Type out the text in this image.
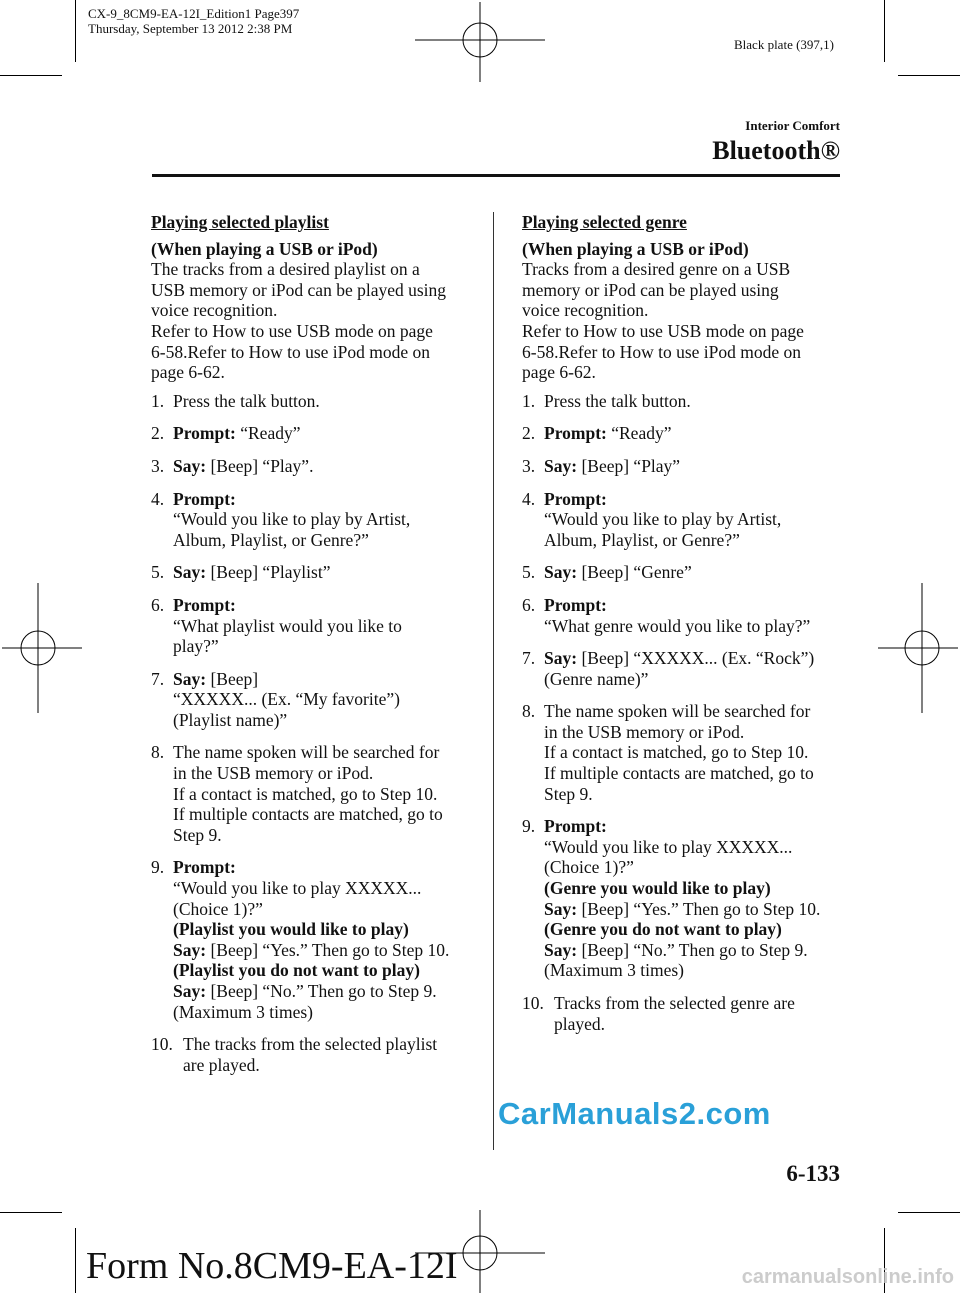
CX-9_8CM9-EA-12I_Edition1 Page397
Thursday, September 13 2012 2:38 PM
Black plate (397,1)
Interior Comfort
Bluetooth®

Playing selected playlist

(When playing a USB or iPod)

The tracks from a desired playlist on a

USB memory or iPod can be played using

voice recognition.

Refer to How to use USB mode on page

6-58.Refer to How to use iPod mode on

page 6-62.

1. Press the talk button.
2. Prompt: “Ready”
3. Say: [Beep] “Play”.
4. Prompt:
“Would you like to play by Artist,
Album, Playlist, or Genre?”
5. Say: [Beep] “Playlist”
6. Prompt:
“What playlist would you like to
play?”
7. Say: [Beep]
“XXXXX... (Ex. “My favorite”)
(Playlist name)”
8. The name spoken will be searched for
in the USB memory or iPod.
If a contact is matched, go to Step 10.
If multiple contacts are matched, go to
Step 9.
9. Prompt:
“Would you like to play XXXXX...
(Choice 1)?”
(Playlist you would like to play)
Say: [Beep] “Yes.” Then go to Step 10.
(Playlist you do not want to play)
Say: [Beep] “No.” Then go to Step 9.
(Maximum 3 times)
10. The tracks from the selected playlist
are played.

Playing selected genre

(When playing a USB or iPod)

Tracks from a desired genre on a USB

memory or iPod can be played using

voice recognition.

Refer to How to use USB mode on page

6-58.Refer to How to use iPod mode on

page 6-62.

1. Press the talk button.
2. Prompt: “Ready”
3. Say: [Beep] “Play”
4. Prompt:
“Would you like to play by Artist,
Album, Playlist, or Genre?”
5. Say: [Beep] “Genre”
6. Prompt:
“What genre would you like to play?”
7. Say: [Beep] “XXXXX... (Ex. “Rock”)
(Genre name)”
8. The name spoken will be searched for
in the USB memory or iPod.
If a contact is matched, go to Step 10.
If multiple contacts are matched, go to
Step 9.
9. Prompt:
“Would you like to play XXXXX...
(Choice 1)?”
(Genre you would like to play)
Say: [Beep] “Yes.” Then go to Step 10.
(Genre you do not want to play)
Say: [Beep] “No.” Then go to Step 9.
(Maximum 3 times)
10. Tracks from the selected genre are
played.
CarManuals2.com
6-133
Form No.8CM9-EA-12I	carmanualsonline.info
